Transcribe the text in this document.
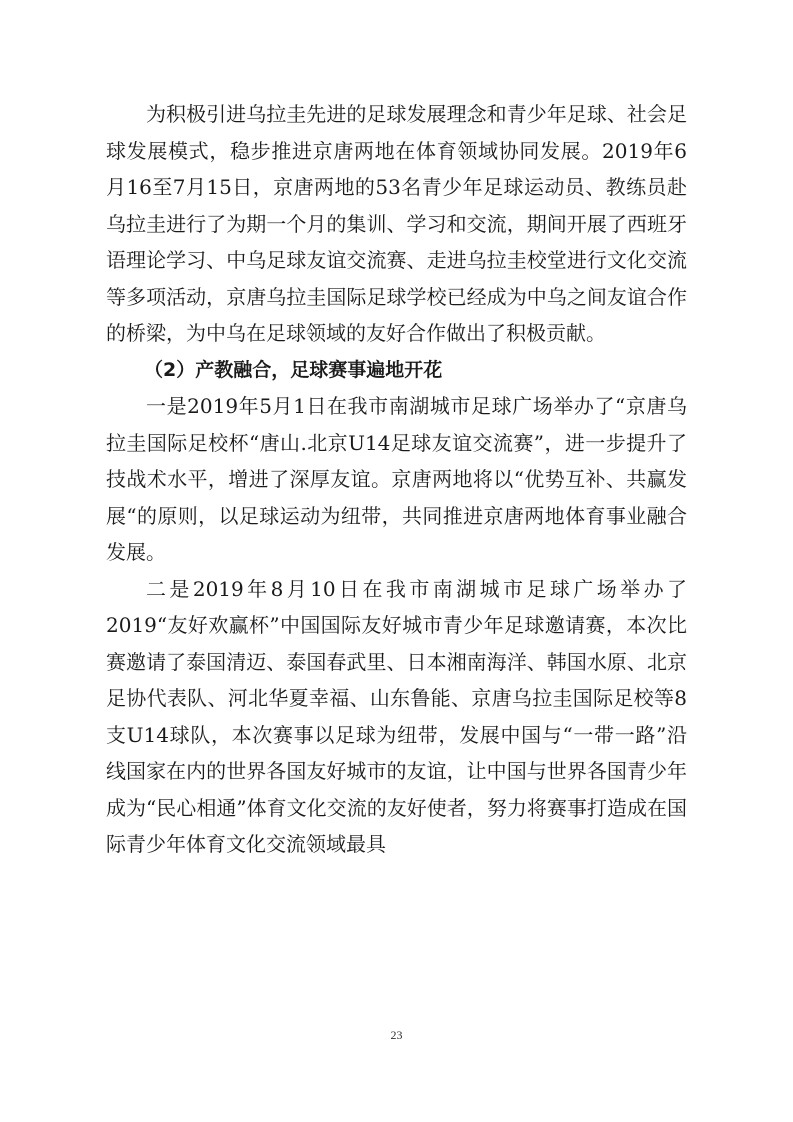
为积极引进乌拉圭先进的足球发展理念和青少年足球、社会足球发展模式，稳步推进京唐两地在体育领域协同发展。2019年6月16至7月15日，京唐两地的53名青少年足球运动员、教练员赴乌拉圭进行了为期一个月的集训、学习和交流，期间开展了西班牙语理论学习、中乌足球友谊交流赛、走进乌拉圭校堂进行文化交流等多项活动，京唐乌拉圭国际足球学校已经成为中乌之间友谊合作的桥梁，为中乌在足球领域的友好合作做出了积极贡献。

（2）产教融合，足球赛事遍地开花

一是2019年5月1日在我市南湖城市足球广场举办了“京唐乌拉圭国际足校杯“唐山.北京U14足球友谊交流赛”，进一步提升了技战术水平，增进了深厚友谊。京唐两地将以“优势互补、共赢发展“的原则，以足球运动为纽带，共同推进京唐两地体育事业融合发展。

二是2019年8月10日在我市南湖城市足球广场举办了2019“友好欢赢杯”中国国际友好城市青少年足球邀请赛，本次比赛邀请了泰国清迈、泰国春武里、日本湘南海洋、韩国水原、北京足协代表队、河北华夏幸福、山东鲁能、京唐乌拉圭国际足校等8支U14球队，本次赛事以足球为纽带，发展中国与“一带一路”沿线国家在内的世界各国友好城市的友谊，让中国与世界各国青少年成为“民心相通”体育文化交流的友好使者，努力将赛事打造成在国际青少年体育文化交流领域最具

23
